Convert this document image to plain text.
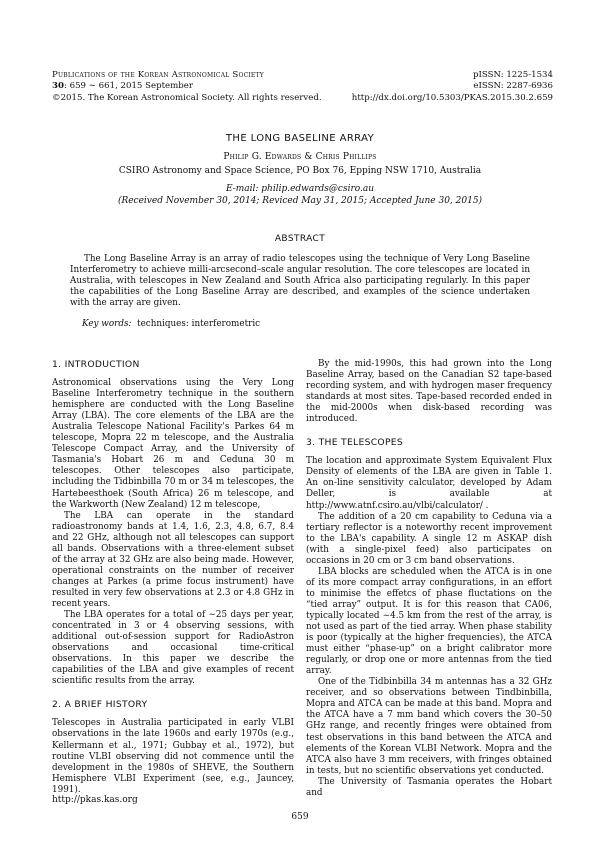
Publications of the Korean Astronomical Society
30: 659 ∼ 661, 2015 September
©2015. The Korean Astronomical Society. All rights reserved.
pISSN: 1225-1534
eISSN: 2287-6936
http://dx.doi.org/10.5303/PKAS.2015.30.2.659
THE LONG BASELINE ARRAY
Philip G. Edwards & Chris Phillips
CSIRO Astronomy and Space Science, PO Box 76, Epping NSW 1710, Australia
E-mail: philip.edwards@csiro.au
(Received November 30, 2014; Reviced May 31, 2015; Accepted June 30, 2015)
ABSTRACT
The Long Baseline Array is an array of radio telescopes using the technique of Very Long Baseline Interferometry to achieve milli-arcsecond–scale angular resolution. The core telescopes are located in Australia, with telescopes in New Zealand and South Africa also participating regularly. In this paper the capabilities of the Long Baseline Array are described, and examples of the science undertaken with the array are given.
Key words: techniques: interferometric
1. INTRODUCTION

Astronomical observations using the Very Long Baseline Interferometry technique in the southern hemisphere are conducted with the Long Baseline Array (LBA). The core elements of the LBA are the Australia Telescope National Facility's Parkes 64 m telescope, Mopra 22 m telescope, and the Australia Telescope Compact Array, and the University of Tasmania's Hobart 26 m and Ceduna 30 m telescopes. Other telescopes also participate, including the Tidbinbilla 70 m or 34 m telescopes, the Hartebeesthoek (South Africa) 26 m telescope, and the Warkworth (New Zealand) 12 m telescope,

The LBA can operate in the standard radioastronomy bands at 1.4, 1.6, 2.3, 4.8, 6.7, 8.4 and 22 GHz, although not all telescopes can support all bands. Observations with a three-element subset of the array at 32 GHz are also being made. However, operational constraints on the number of receiver changes at Parkes (a prime focus instrument) have resulted in very few observations at 2.3 or 4.8 GHz in recent years.

The LBA operates for a total of ∼25 days per year, concentrated in 3 or 4 observing sessions, with additional out-of-session support for RadioAstron observations and occasional time-critical observations. In this paper we describe the capabilities of the LBA and give examples of recent scientific results from the array.

2. A BRIEF HISTORY

Telescopes in Australia participated in early VLBI observations in the late 1960s and early 1970s (e.g., Kellermann et al., 1971; Gubbay et al., 1972), but routine VLBI observing did not commence until the development in the 1980s of SHEVE, the Southern Hemisphere VLBI Experiment (see, e.g., Jauncey, 1991).

By the mid-1990s, this had grown into the Long Baseline Array, based on the Canadian S2 tape-based recording system, and with hydrogen maser frequency standards at most sites. Tape-based recorded ended in the mid-2000s when disk-based recording was introduced.

3. THE TELESCOPES

The location and approximate System Equivalent Flux Density of elements of the LBA are given in Table 1. An on-line sensitivity calculator, developed by Adam Deller, is available at http://www.atnf.csiro.au/vlbi/calculator/ .

The addition of a 20 cm capability to Ceduna via a tertiary reflector is a noteworthy recent improvement to the LBA's capability. A single 12 m ASKAP dish (with a single-pixel feed) also participates on occasions in 20 cm or 3 cm band observations.

LBA blocks are scheduled when the ATCA is in one of its more compact array configurations, in an effort to minimise the effetcs of phase fluctations on the “tied array” output. It is for this reason that CA06, typically located ∼4.5 km from the rest of the array, is not used as part of the tied array. When phase stability is poor (typically at the higher frequencies), the ATCA must either “phase-up” on a bright calibrator more regularly, or drop one or more antennas from the tied array.

One of the Tidbinbilla 34 m antennas has a 32 GHz receiver, and so observations between Tindbinbilla, Mopra and ATCA can be made at this band. Mopra and the ATCA have a 7 mm band which covers the 30–50 GHz range, and recently fringes were obtained from test observations in this band between the ATCA and elements of the Korean VLBI Network. Mopra and the ATCA also have 3 mm receivers, with fringes obtained in tests, but no scientific observations yet conducted.

The University of Tasmania operates the Hobart and

http://pkas.kas.org
659
